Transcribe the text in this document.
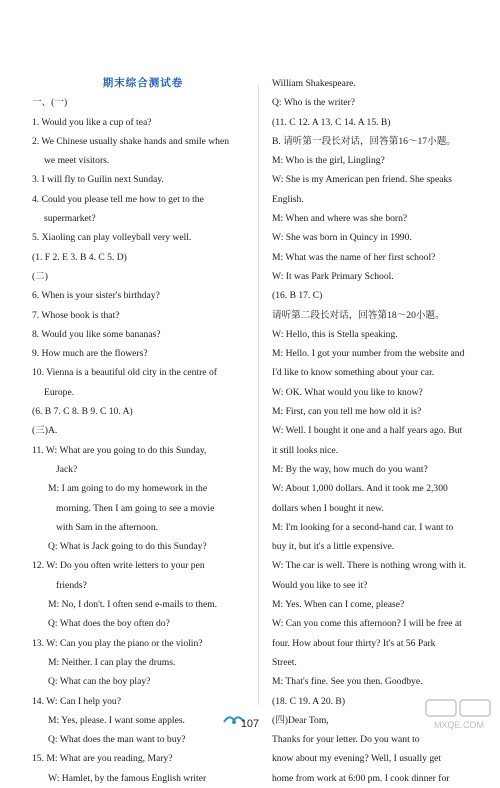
期末综合测试卷
一、(一)
1. Would you like a cup of tea?
2. We Chinese usually shake hands and smile when
we meet visitors.
3. I will fly to Guilin next Sunday.
4. Could you please tell me how to get to the
supermarket?
5. Xiaoling can play volleyball very well.
(1. F 2. E 3. B 4. C 5. D)
(二)
6. When is your sister's birthday?
7. Whose book is that?
8. Would you like some bananas?
9. How much are the flowers?
10. Vienna is a beautiful old city in the centre of
Europe.
(6. B 7. C 8. B 9. C 10. A)
(三)A.
11. W: What are you going to do this Sunday,
Jack?
M: I am going to do my homework in the
morning. Then I am going to see a movie
with Sam in the afternoon.
Q: What is Jack going to do this Sunday?
12. W: Do you often write letters to your pen
friends?
M: No, I don't. I often send e-mails to them.
Q: What does the boy often do?
13. W: Can you play the piano or the violin?
M: Neither. I can play the drums.
Q: What can the boy play?
14. W: Can I help you?
M: Yes, please. I want some apples.
Q: What does the man want to buy?
15. M: What are you reading, Mary?
W: Hamlet, by the famous English writer
William Shakespeare.
Q: Who is the writer?
(11. C 12. A 13. C 14. A 15. B)
B. 请听第一段长对话，回答第16～17小题。
M: Who is the girl, Lingling?
W: She is my American pen friend. She speaks
English.
M: When and where was she born?
W: She was born in Quincy in 1990.
M: What was the name of her first school?
W: It was Park Primary School.
(16. B 17. C)
请听第二段长对话，回答第18～20小题。
W: Hello, this is Stella speaking.
M: Hello. I got your number from the website and
I'd like to know something about your car.
W: OK. What would you like to know?
M: First, can you tell me how old it is?
W: Well. I bought it one and a half years ago. But
it still looks nice.
M: By the way, how much do you want?
W: About 1,000 dollars. And it took me 2,300
dollars when I bought it new.
M: I'm looking for a second-hand car. I want to
buy it, but it's a little expensive.
W: The car is well. There is nothing wrong with it.
Would you like to see it?
M: Yes. When can I come, please?
W: Can you come this afternoon? I will be free at
four. How about four thirty? It's at 56 Park
Street.
M: That's fine. See you then. Goodbye.
(18. C 19. A 20. B)
(四)Dear Tom,
Thanks for your letter. Do you want to
know about my evening? Well, I usually get
home from work at 6:00 pm. I cook dinner for
107	MXQE.COM
